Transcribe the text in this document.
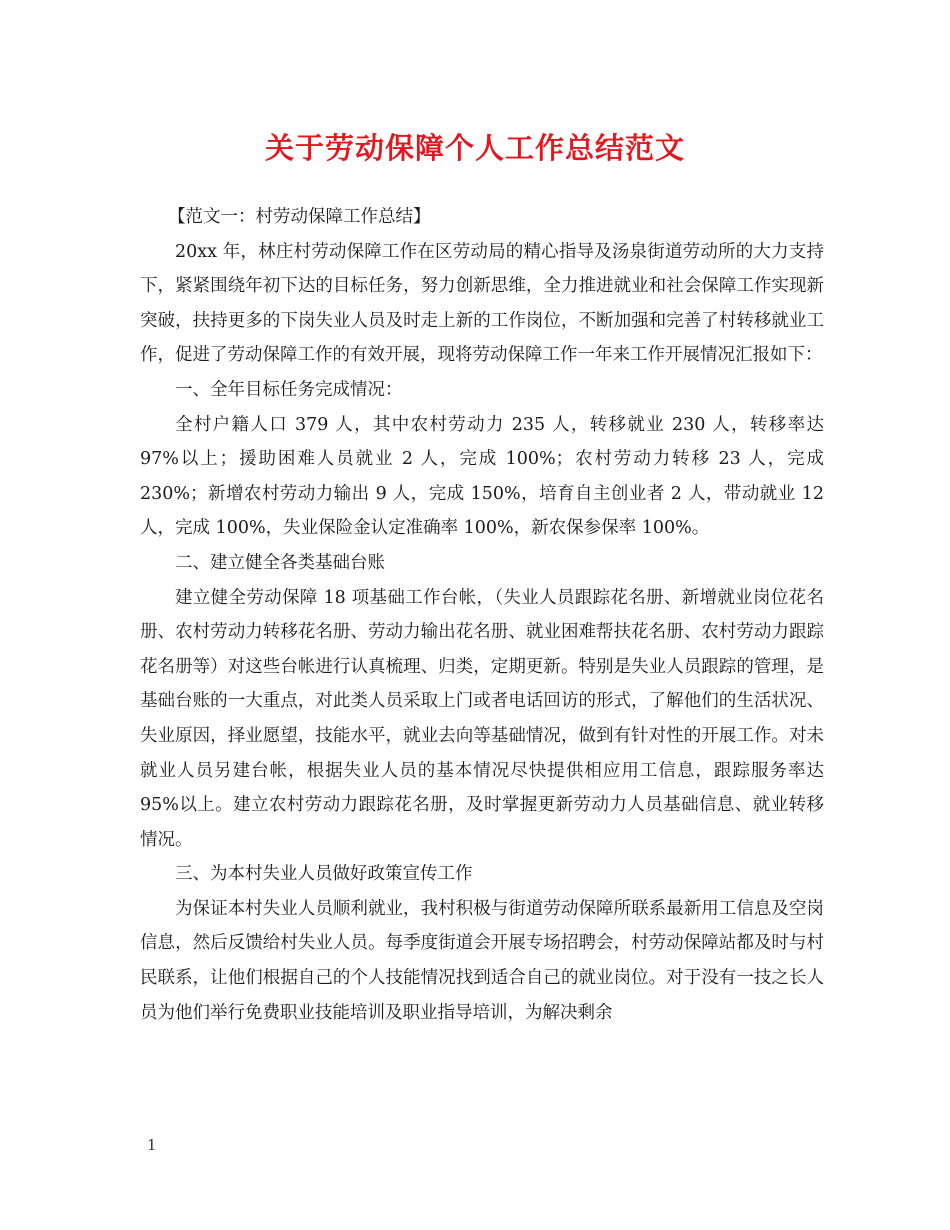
关于劳动保障个人工作总结范文

【范文一：村劳动保障工作总结】

20xx 年，林庄村劳动保障工作在区劳动局的精心指导及汤泉街道劳动所的大力支持下，紧紧围绕年初下达的目标任务，努力创新思维，全力推进就业和社会保障工作实现新突破，扶持更多的下岗失业人员及时走上新的工作岗位，不断加强和完善了村转移就业工作，促进了劳动保障工作的有效开展，现将劳动保障工作一年来工作开展情况汇报如下：

一、全年目标任务完成情况：

全村户籍人口 379 人，其中农村劳动力 235 人，转移就业 230 人，转移率达 97%以上；援助困难人员就业 2 人，完成 100%；农村劳动力转移 23 人，完成 230%；新增农村劳动力输出 9 人，完成 150%，培育自主创业者 2 人，带动就业 12 人，完成 100%，失业保险金认定准确率 100%，新农保参保率 100%。

二、建立健全各类基础台账

建立健全劳动保障 18 项基础工作台帐，（失业人员跟踪花名册、新增就业岗位花名册、农村劳动力转移花名册、劳动力输出花名册、就业困难帮扶花名册、农村劳动力跟踪花名册等）对这些台帐进行认真梳理、归类，定期更新。特别是失业人员跟踪的管理，是基础台账的一大重点，对此类人员采取上门或者电话回访的形式，了解他们的生活状况、失业原因，择业愿望，技能水平，就业去向等基础情况，做到有针对性的开展工作。对未就业人员另建台帐，根据失业人员的基本情况尽快提供相应用工信息，跟踪服务率达 95%以上。建立农村劳动力跟踪花名册，及时掌握更新劳动力人员基础信息、就业转移情况。

三、为本村失业人员做好政策宣传工作

为保证本村失业人员顺利就业，我村积极与街道劳动保障所联系最新用工信息及空岗信息，然后反馈给村失业人员。每季度街道会开展专场招聘会，村劳动保障站都及时与村民联系，让他们根据自己的个人技能情况找到适合自己的就业岗位。对于没有一技之长人员为他们举行免费职业技能培训及职业指导培训，为解决剩余

1
